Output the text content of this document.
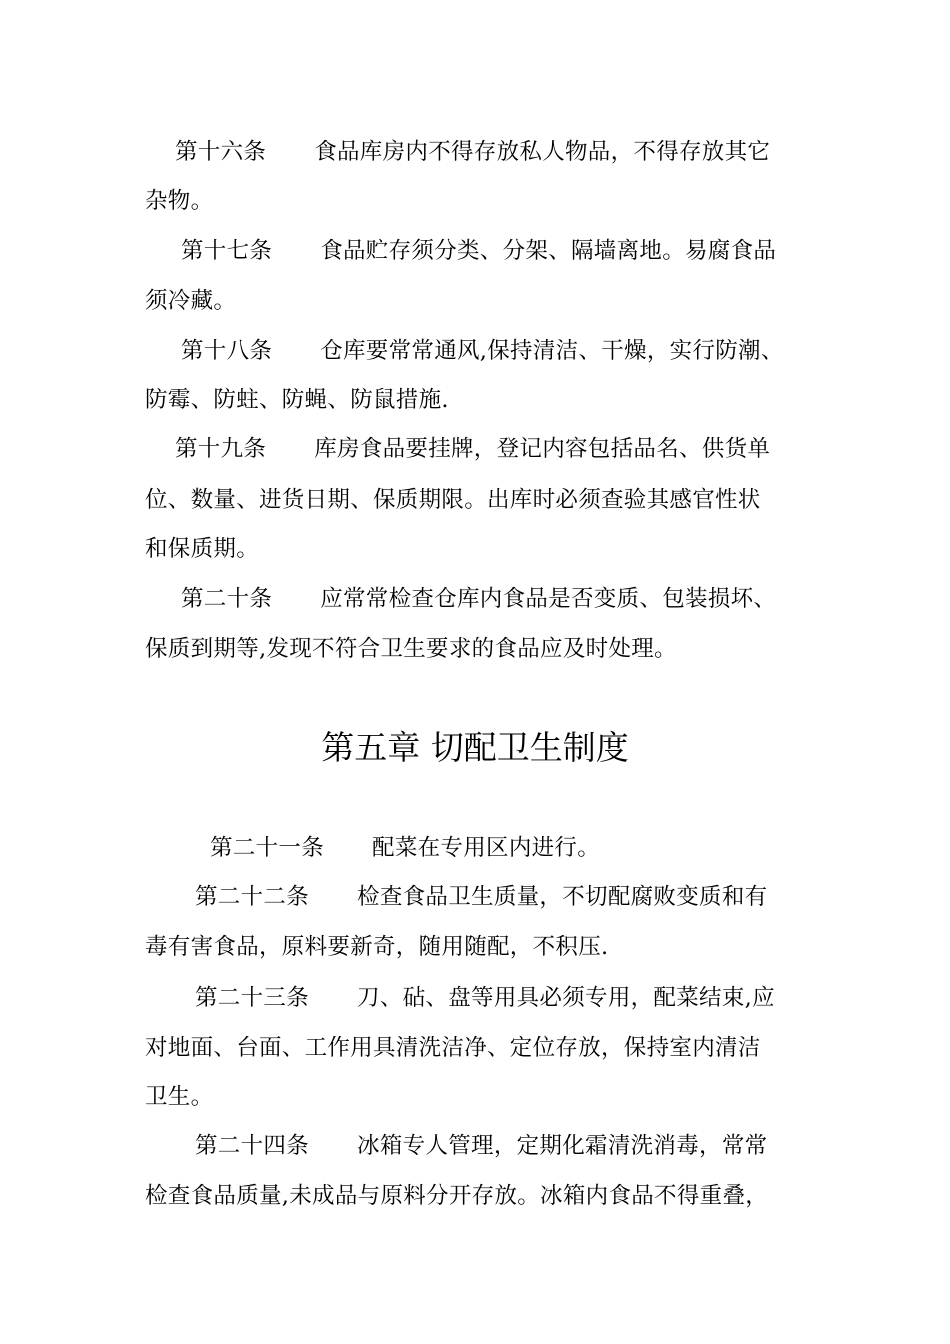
第十六条 食品库房内不得存放私人物品，不得存放其它
杂物。
第十七条 食品贮存须分类、分架、隔墙离地。易腐食品
须冷藏。
第十八条 仓库要常常通风,保持清洁、干燥，实行防潮、
防霉、防蛀、防蝇、防鼠措施.
第十九条 库房食品要挂牌，登记内容包括品名、供货单
位、数量、进货日期、保质期限。出库时必须查验其感官性状
和保质期。
第二十条 应常常检查仓库内食品是否变质、包装损坏、
保质到期等,发现不符合卫生要求的食品应及时处理。
第五章 切配卫生制度
第二十一条 配菜在专用区内进行。
第二十二条 检查食品卫生质量，不切配腐败变质和有
毒有害食品，原料要新奇，随用随配，不积压.
第二十三条 刀、砧、盘等用具必须专用，配菜结束,应
对地面、台面、工作用具清洗洁净、定位存放，保持室内清洁
卫生。
第二十四条 冰箱专人管理，定期化霜清洗消毒，常常
检查食品质量,未成品与原料分开存放。冰箱内食品不得重叠，
